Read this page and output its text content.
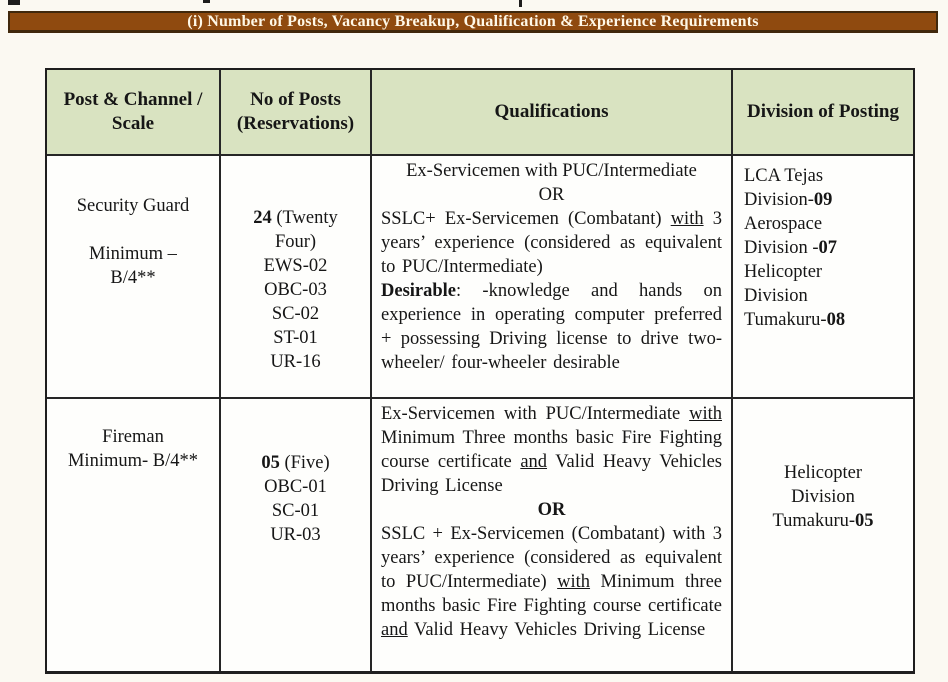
(i) Number of Posts, Vacancy Breakup, Qualification & Experience Requirements
Post & Channel / Scale
No of Posts (Reservations)
Qualifications	Division of Posting
Security Guard
Minimum –
B/4**
24 (Twenty
Four)
EWS-02
OBC-03
SC-02
ST-01
UR-16
Ex-Servicemen with PUC/Intermediate
OR
SSLC+ Ex-Servicemen (Combatant) with 3 years’ experience (considered as equivalent to PUC/Intermediate)
Desirable: -knowledge and hands on experience in operating computer preferred + possessing Driving license to drive two-wheeler/ four-wheeler desirable
LCA Tejas
Division-09
Aerospace
Division -07
Helicopter
Division
Tumakuru-08
Fireman
Minimum- B/4**	05 (Five)
OBC-01
SC-01
UR-03
Ex-Servicemen with PUC/Intermediate with Minimum Three months basic Fire Fighting course certificate and Valid Heavy Vehicles Driving License
OR
SSLC + Ex-Servicemen (Combatant) with 3 years’ experience (considered as equivalent to PUC/Intermediate) with Minimum three months basic Fire Fighting course certificate and Valid Heavy Vehicles Driving License
Helicopter
Division
Tumakuru-05
